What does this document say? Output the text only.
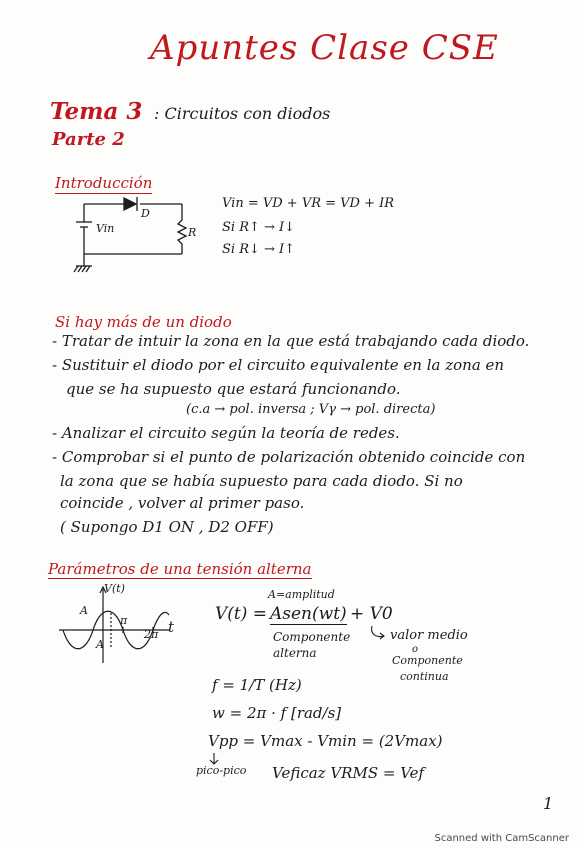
Apuntes Clase CSE
Tema 3 : Circuitos con diodos
Parte 2
Introducción
Vin
D
R
Vin = VD + VR = VD + IR
Si R↑ → I↓
Si R↓ → I↑
Si hay más de un diodo
- Tratar de intuir la zona en la que está trabajando cada diodo.
- Sustituir el diodo por el circuito equivalente en la zona en
que se ha supuesto que estará funcionando.
(c.a → pol. inversa ; Vγ → pol. directa)
- Analizar el circuito según la teoría de redes.
- Comprobar si el punto de polarización obtenido coincide con
la zona que se había supuesto para cada diodo. Si no
coincide , volver al primer paso.
( Supongo D1 ON , D2 OFF)
Parámetros de una tensión alterna
V(t)
t
A
A
π
2π
A=amplitud
V(t) = Asen(wt) + V0
Componente
alterna
valor medio
o
Componente
continua
f = 1/T (Hz)
w = 2π · f [rad/s]
Vpp = Vmax - Vmin = (2Vmax)
pico-pico Veficaz VRMS = Vef
1
Scanned with CamScanner
